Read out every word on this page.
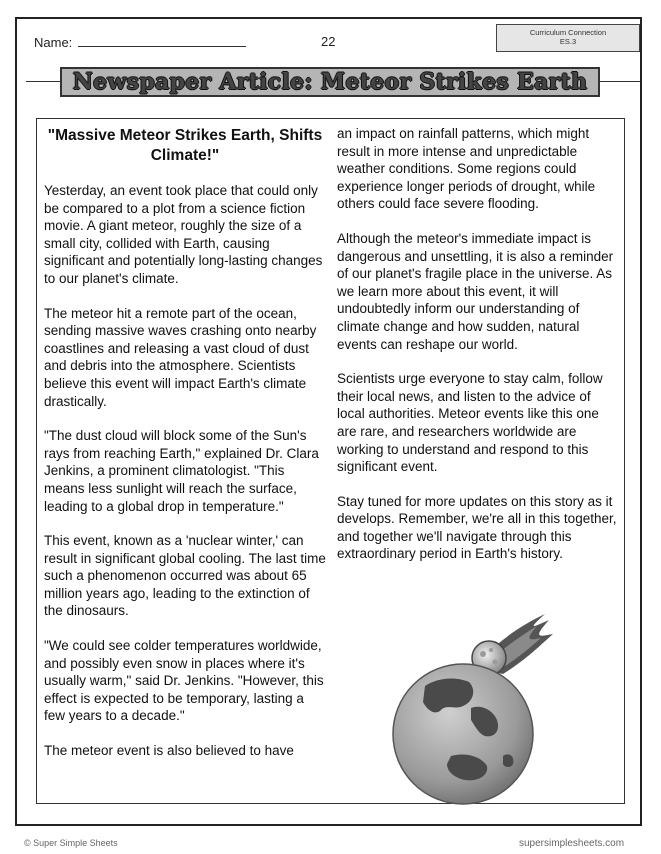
Name:	22
Curriculum Connection
ES.3
Newspaper Article: Meteor Strikes Earth
"Massive Meteor Strikes Earth, Shifts Climate!"

Yesterday, an event took place that could only be compared to a plot from a science fiction movie. A giant meteor, roughly the size of a small city, collided with Earth, causing significant and potentially long-lasting changes to our planet's climate.

The meteor hit a remote part of the ocean, sending massive waves crashing onto nearby coastlines and releasing a vast cloud of dust and debris into the atmosphere. Scientists believe this event will impact Earth's climate drastically.

"The dust cloud will block some of the Sun's rays from reaching Earth," explained Dr. Clara Jenkins, a prominent climatologist. "This means less sunlight will reach the surface, leading to a global drop in temperature."

This event, known as a 'nuclear winter,' can result in significant global cooling. The last time such a phenomenon occurred was about 65 million years ago, leading to the extinction of the dinosaurs.

"We could see colder temperatures worldwide, and possibly even snow in places where it's usually warm," said Dr. Jenkins. "However, this effect is expected to be temporary, lasting a few years to a decade."

The meteor event is also believed to have

an impact on rainfall patterns, which might result in more intense and unpredictable weather conditions. Some regions could experience longer periods of drought, while others could face severe flooding.

Although the meteor's immediate impact is dangerous and unsettling, it is also a reminder of our planet's fragile place in the universe. As we learn more about this event, it will undoubtedly inform our understanding of climate change and how sudden, natural events can reshape our world.

Scientists urge everyone to stay calm, follow their local news, and listen to the advice of local authorities. Meteor events like this one are rare, and researchers worldwide are working to understand and respond to this significant event.

Stay tuned for more updates on this story as it develops. Remember, we're all in this together, and together we'll navigate through this extraordinary period in Earth's history.

© Super Simple Sheets	supersimplesheets.com
